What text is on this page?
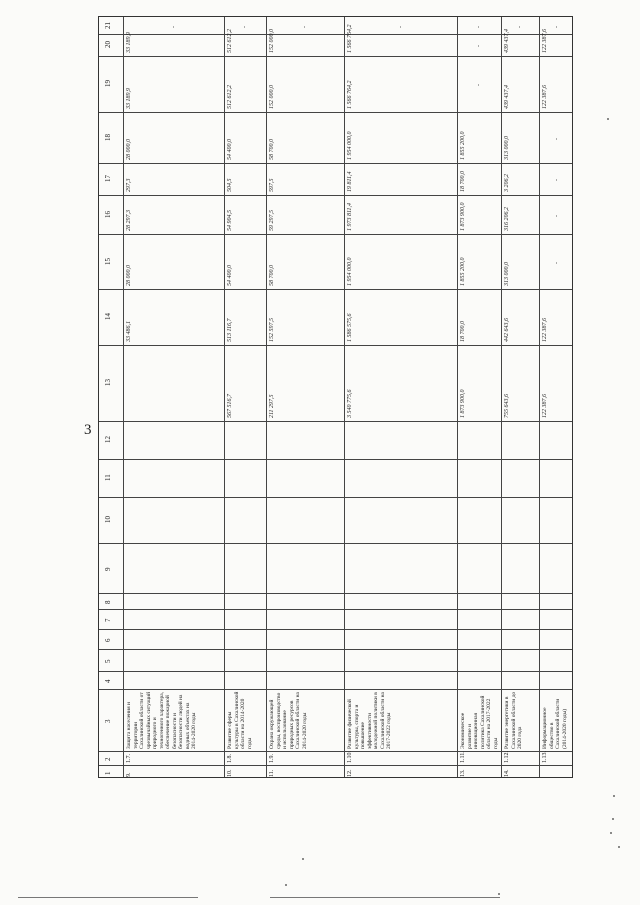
3
1
2
3
4
5
6
7
8
9
10
11
12
13
14
15
16
17
18
19
20
21
9.
1.7.
Защита населения и территории Сахалинской области от чрезвычайных ситуаций природного и техногенного характера, обеспечение пожарной безопасности и безопасности людей на водных объектах на 2014-2020 годы
33 486,1
28 000,0
28 297,3
297,3
28 000,0
33 189,9
33 189,9
-
10.
1.8.
Развитие сферы культуры в Сахалинской области на 2014-2020 годы
567 516,7
513 116,7
54 400,0
54 904,5
504,5
54 400,0
512 612,2
512 612,2
-
11.
1.9.
Охрана окружающей среды, воспроизводство и использование природных ресурсов Сахалинской области на 2014-2020 годы
211 297,5
152 597,5
58 700,0
59 297,5
597,5
58 700,0
152 000,0
152 000,0
-
12.
1.10.
Развитие физической культуры, спорта и повышение эффективности молодежной политики в Сахалинской области на 2017-2022 годы
3 540 775,6
1 586 575,6
1 954 000,0
1 973 811,4
19 811,4
1 954 000,0
1 566 764,2
1 566 764,2	-
13.
1.11.
Экономическое развитие и инновационная политика Сахалинской области на 2017-2022 годы
1 873 900,0
18 700,0
1 855 200,0
1 873 900,0
18 700,0
1 855 200,0
-
-
-
14.
1.12.
Развитие энергетики в Сахалинской области до 2020 года
755 643,6
442 643,6
313 000,0
316 206,2
3 206,2
313 000,0
439 437,4
439 437,4
-
1.13.
Информационное общество в Сахалинской области (2014-2020 годы)
122 387,6
122 387,6
-
-
-
-
122 387,6
122 387,6
-
